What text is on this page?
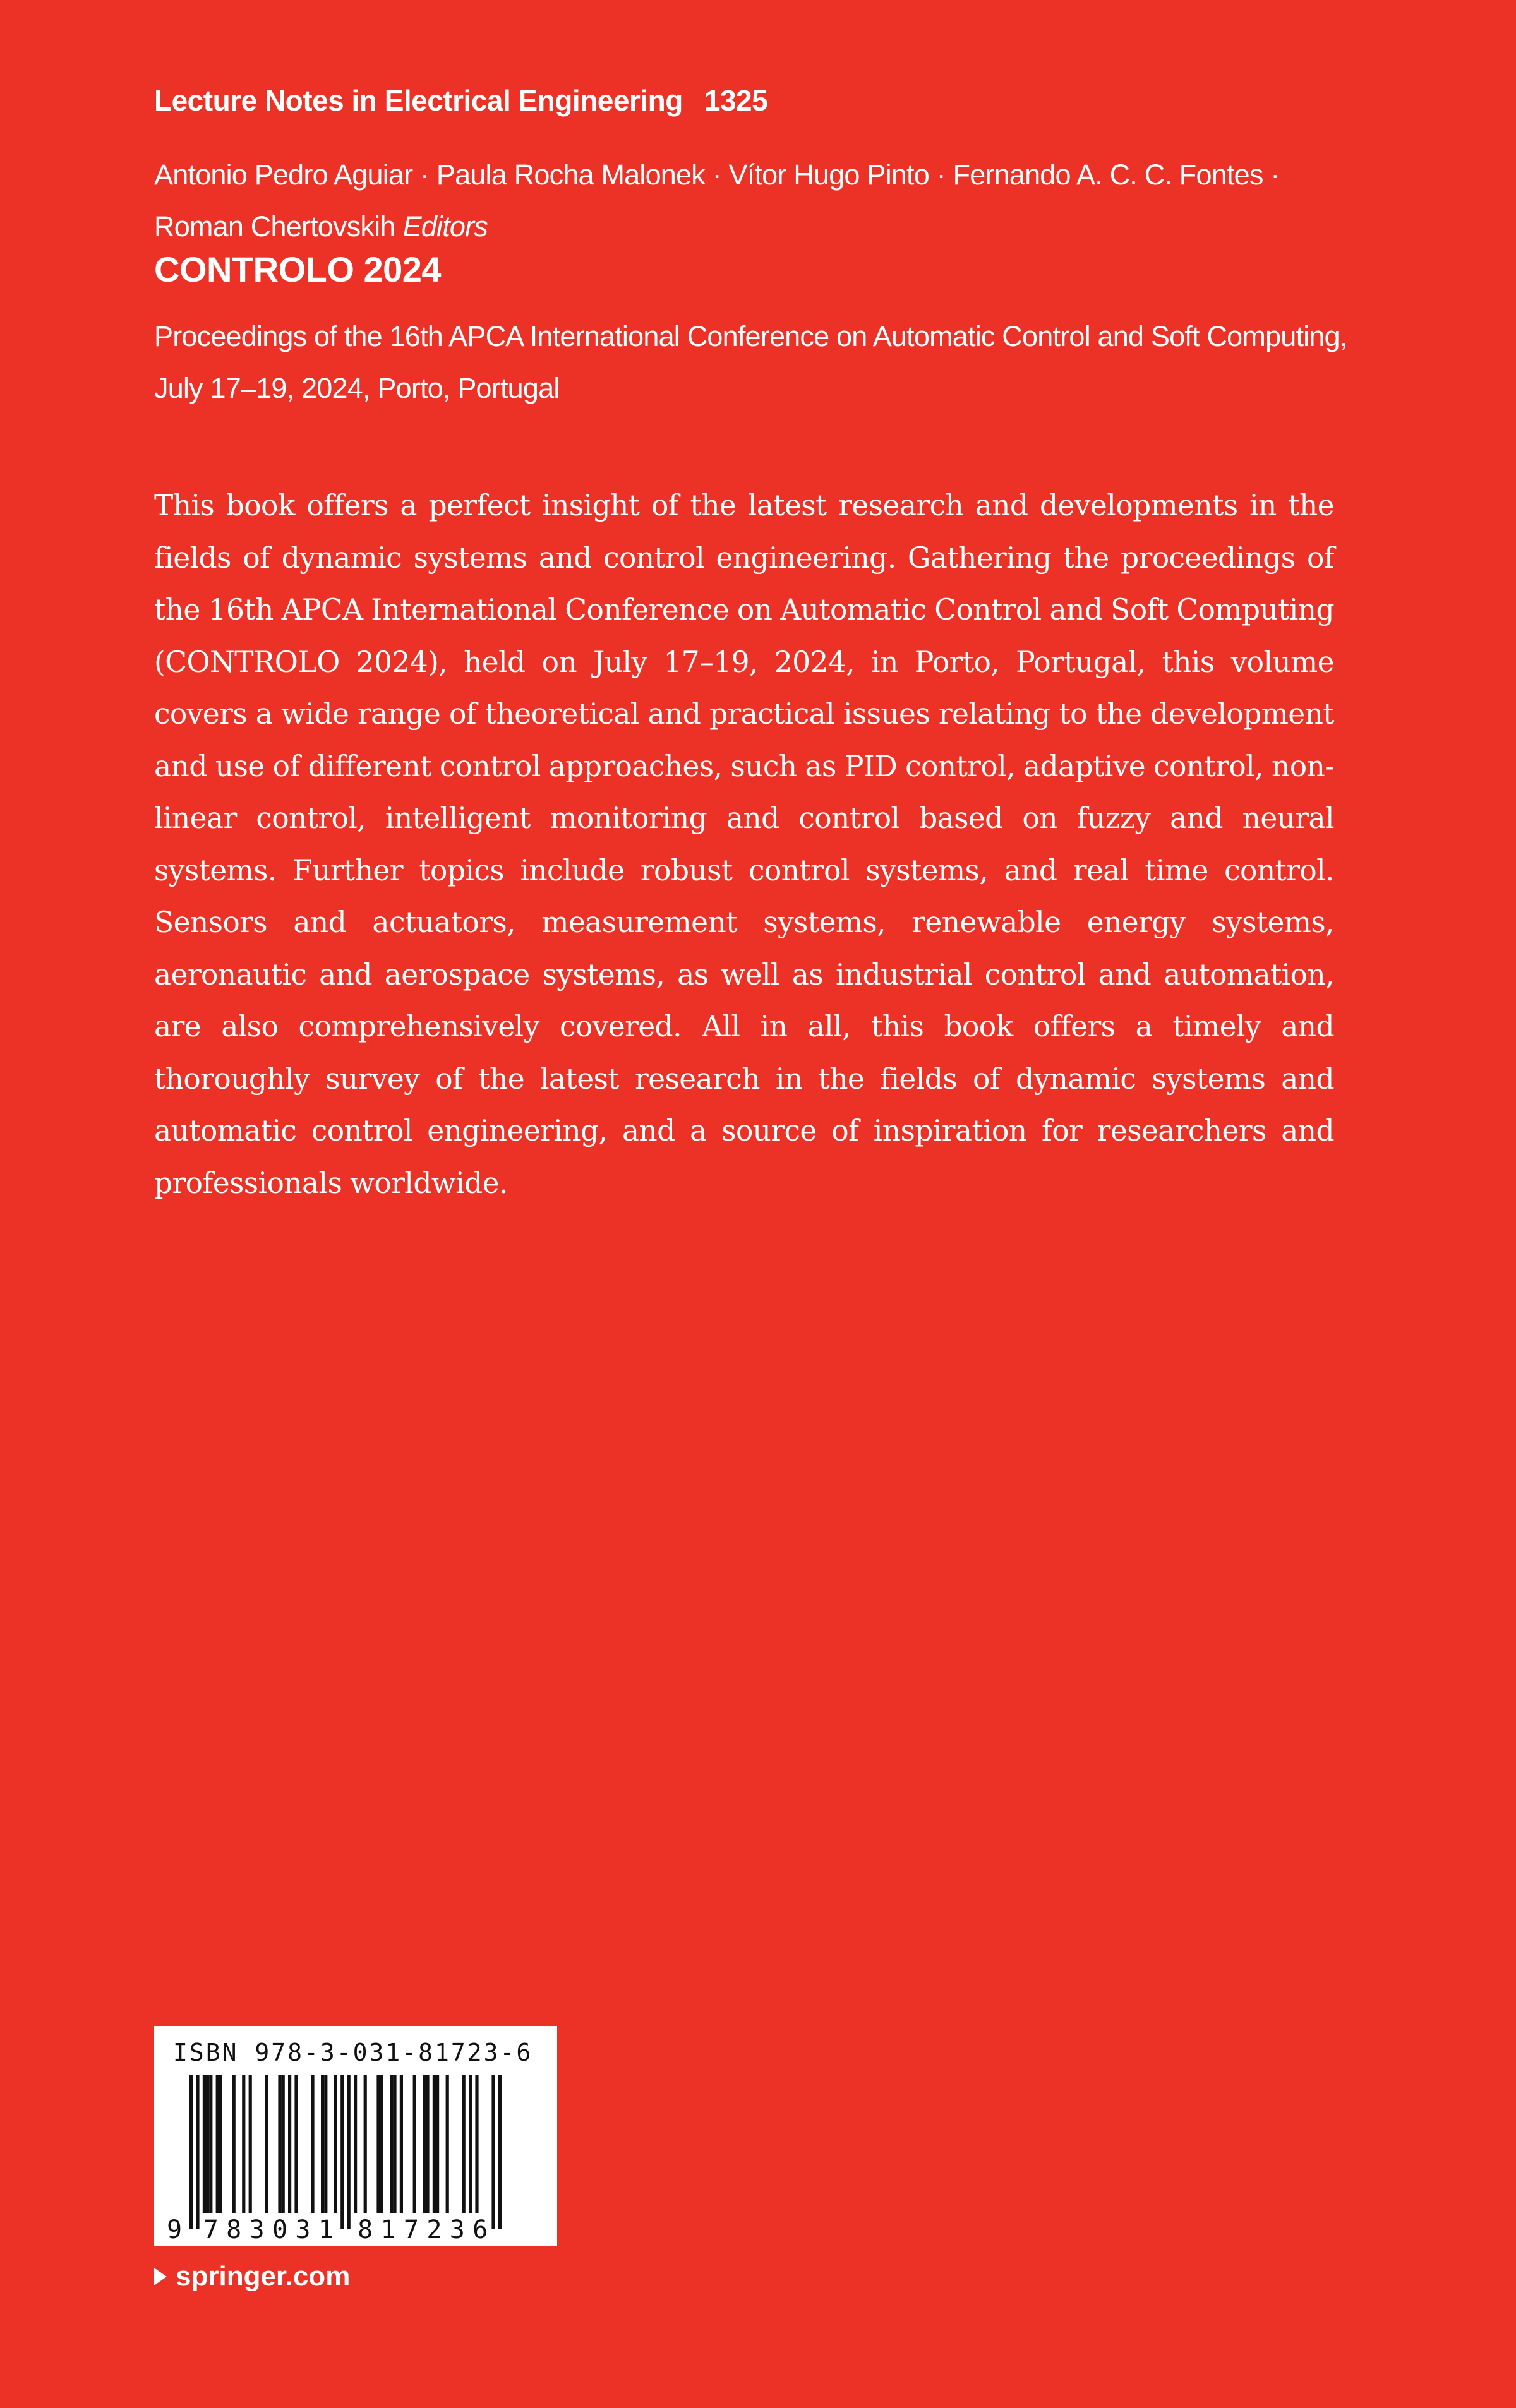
Lecture Notes in Electrical Engineering 1325
Antonio Pedro Aguiar · Paula Rocha Malonek · Vítor Hugo Pinto · Fernando A. C. C. Fontes ·
Roman Chertovskih Editors
CONTROLO 2024
Proceedings of the 16th APCA International Conference on Automatic Control and Soft Computing,
July 17–19, 2024, Porto, Portugal
This book offers a perfect insight of the latest research and developments in the fields of dynamic systems and control engineering. Gathering the proceedings of the 16th APCA International Conference on Automatic Control and Soft Computing (CONTROLO 2024), held on July 17–19, 2024, in Porto, Portugal, this volume covers a wide range of theoretical and practical issues relating to the development and use of different control approaches, such as PID control, adaptive control, non-linear control, intelligent monitoring and control based on fuzzy and neural systems. Further topics include robust control systems, and real time control. Sensors and actuators, measurement systems, renewable energy systems, aeronautic and aerospace systems, as well as industrial control and automation, are also comprehensively covered. All in all, this book offers a timely and thoroughly survey of the latest research in the fields of dynamic systems and automatic control engineering, and a source of inspiration for researchers and professionals worldwide.
ISBN 978-3-031-81723-6
9 7 8 3 0 3 1 8 1 7 2 3 6
springer.com
